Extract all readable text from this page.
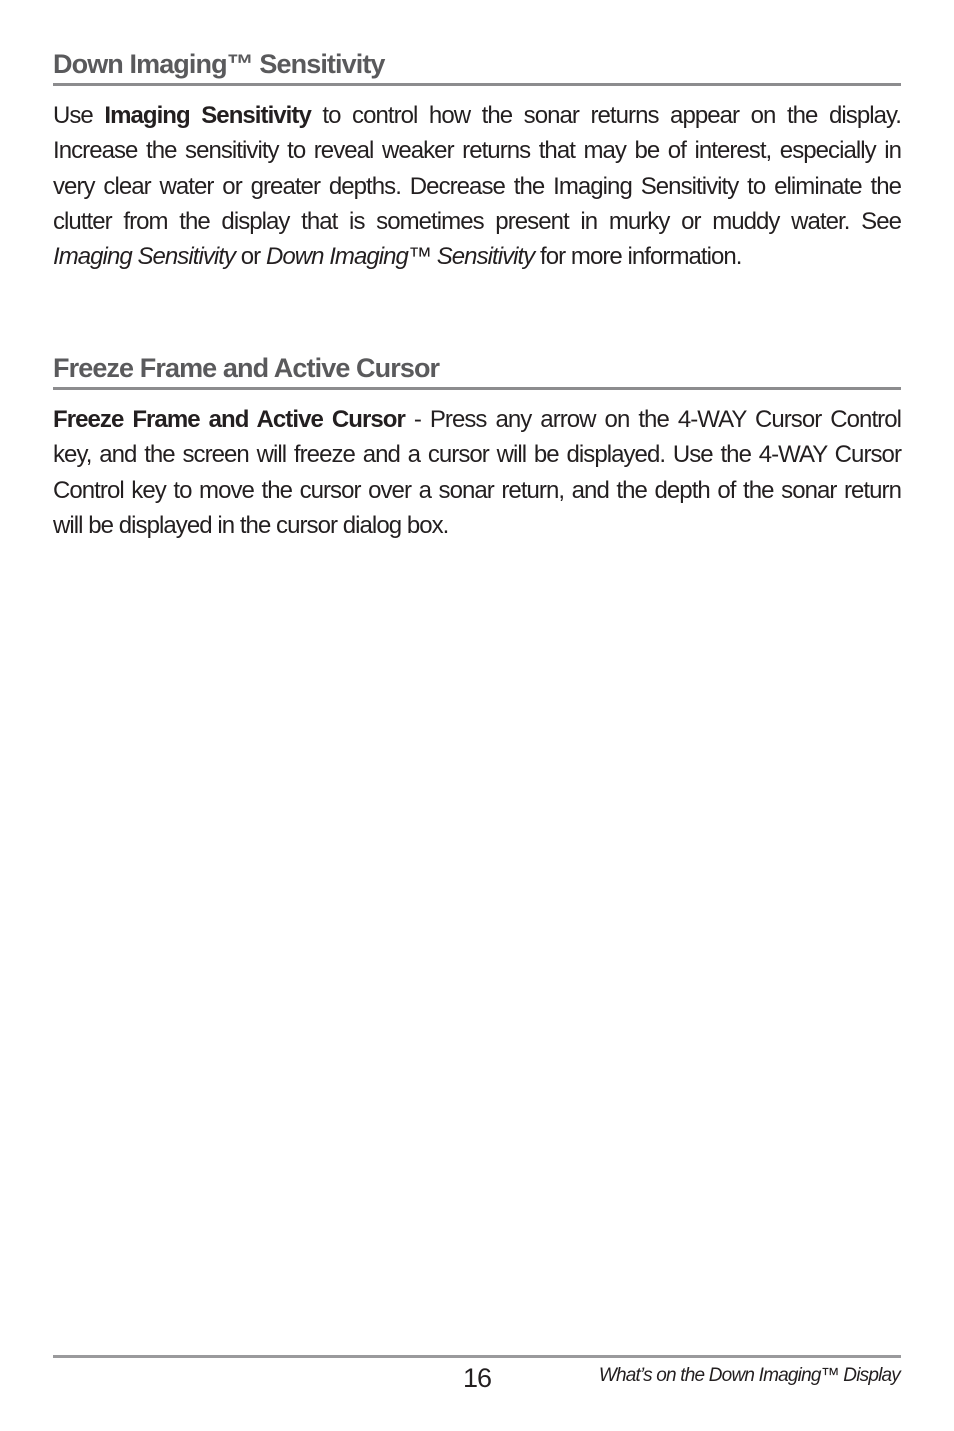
Down Imaging™ Sensitivity

Use Imaging Sensitivity to control how the sonar returns appear on the display. Increase the sensitivity to reveal weaker returns that may be of interest, especially in very clear water or greater depths. Decrease the Imaging Sensitivity to eliminate the clutter from the display that is sometimes present in murky or muddy water. See Imaging Sensitivity or Down Imaging™ Sensitivity for more information.

Freeze Frame and Active Cursor

Freeze Frame and Active Cursor - Press any arrow on the 4-WAY Cursor Control key, and the screen will freeze and a cursor will be displayed. Use the 4-WAY Cursor Control key to move the cursor over a sonar return, and the depth of the sonar return will be displayed in the cursor dialog box.

16	What’s on the Down Imaging™ Display
